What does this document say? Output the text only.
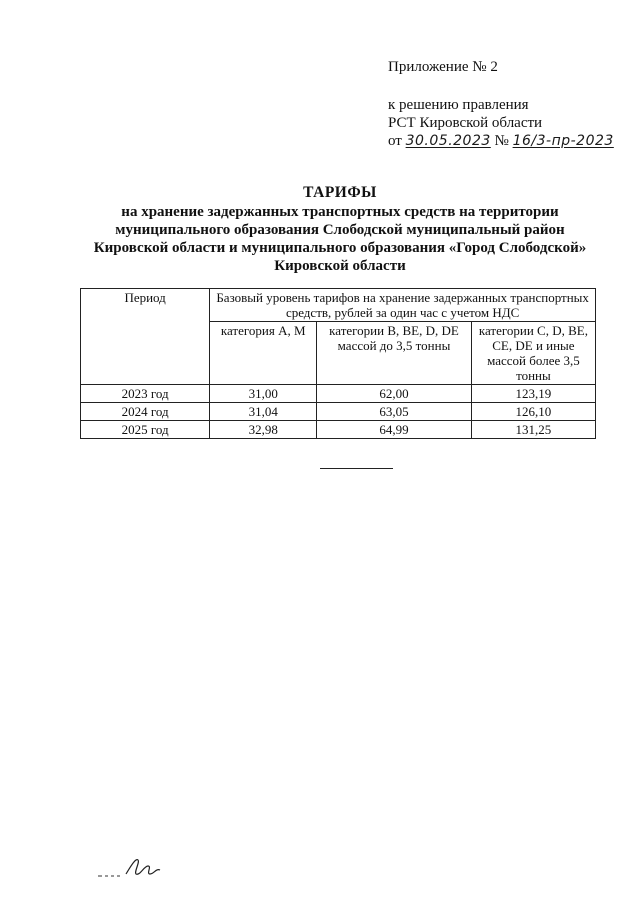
Приложение № 2

к решению правления

РСТ Кировской области

от 30.05.2023 № 16/3-пр-2023

ТАРИФЫ

на хранение задержанных транспортных средств на территории

муниципального образования Слободской муниципальный район

Кировской области и муниципального образования «Город Слободской»

Кировской области

Период	Базовый уровень тарифов на хранение задержанных транспортных средств, рублей за один час с учетом НДС		
	категория А, М	категории В, ВЕ, D, DЕ массой до 3,5 тонны	категории С, D, ВЕ, СЕ, DЕ и иные массой более 3,5 тонны
2023 год	31,00	62,00	123,19
2024 год	31,04	63,05	126,10
2025 год	32,98	64,99	131,25
